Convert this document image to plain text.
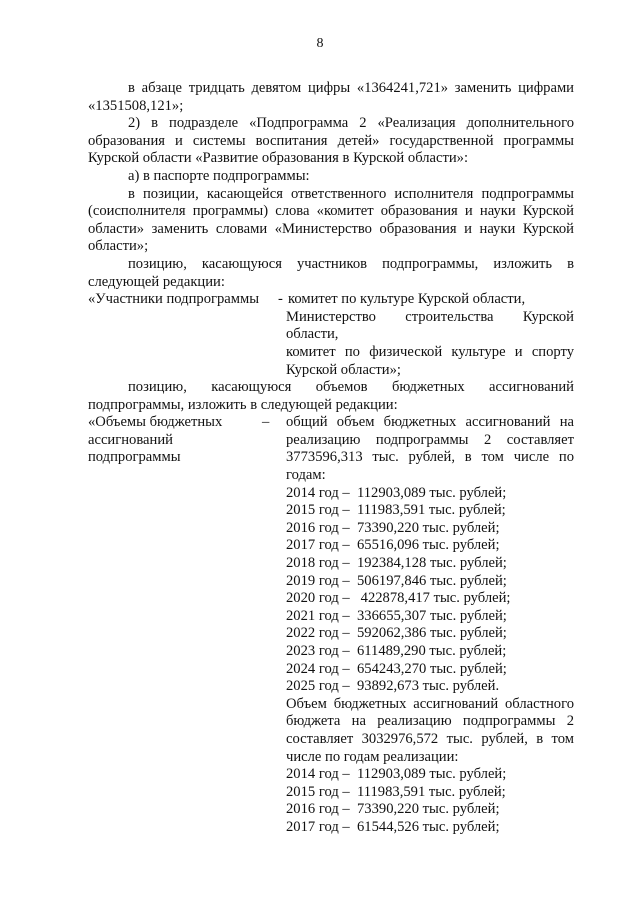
8

в абзаце тридцать девятом цифры «1364241,721» заменить цифрами «1351508,121»;

2) в подразделе «Подпрограмма 2 «Реализация дополнительного образования и системы воспитания детей» государственной программы Курской области «Развитие образования в Курской области»:

а) в паспорте подпрограммы:

в позиции, касающейся ответственного исполнителя подпрограммы (соисполнителя программы) слова «комитет образования и науки Курской области» заменить словами «Министерство образования и науки Курской области»;

позицию, касающуюся участников подпрограммы, изложить в следующей редакции:

«Участники подпрограммы	- комитет по культуре Курской области,

Министерство строительства Курской области,

комитет по физической культуре и спорту Курской области»;

позицию, касающуюся объемов бюджетных ассигнований подпрограммы, изложить в следующей редакции:

«Объемы бюджетных ассигнований подпрограммы
–	общий объем бюджетных ассигнований на реализацию подпрограммы 2 составляет 3773596,313 тыс. рублей, в том числе по годам:

2014 год –  112903,089 тыс. рублей;
2015 год –  111983,591 тыс. рублей;
2016 год –  73390,220 тыс. рублей;
2017 год –  65516,096 тыс. рублей;
2018 год –  192384,128 тыс. рублей;
2019 год –  506197,846 тыс. рублей;
2020 год –   422878,417 тыс. рублей;
2021 год –  336655,307 тыс. рублей;
2022 год –  592062,386 тыс. рублей;
2023 год –  611489,290 тыс. рублей;
2024 год –  654243,270 тыс. рублей;
2025 год –  93892,673 тыс. рублей.

Объем бюджетных ассигнований областного бюджета на реализацию подпрограммы 2 составляет 3032976,572 тыс. рублей, в том числе по годам реализации:

2014 год –  112903,089 тыс. рублей;
2015 год –  111983,591 тыс. рублей;
2016 год –  73390,220 тыс. рублей;
2017 год –  61544,526 тыс. рублей;
